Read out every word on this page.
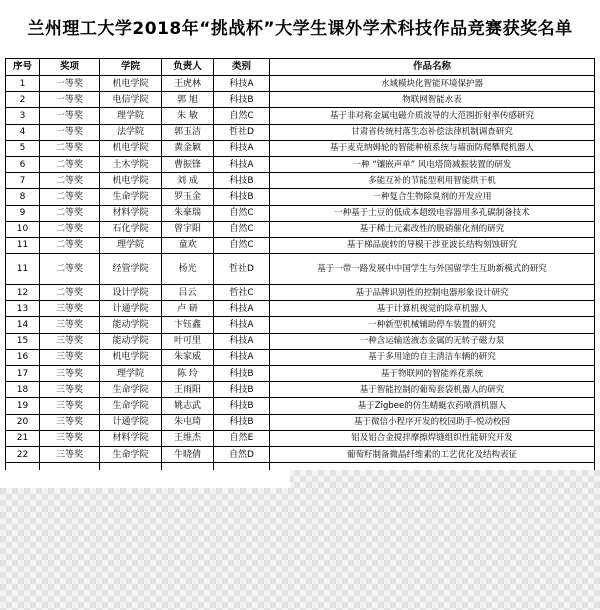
兰州理工大学2018年“挑战杯”大学生课外学术科技作品竞赛获奖名单
序号	奖项	学院	负责人	类别	作品名称
1	一等奖	机电学院	王虎林	科技A	水域模块化智能环境保护器
2	一等奖	电信学院	郭 旭	科技B	物联网智能水表
3	一等奖	理学院	朱 敏	自然C	基于非对称金属电磁介质波导的大范围折射率传感研究
4	一等奖	法学院	郭玉洁	哲社D	甘肃省传统村落生态补偿法律机制调查研究
5	二等奖	机电学院	黄金颖	科技A	基于麦克纳姆轮的智能种植系统与墙面防爬攀爬机器人
6	二等奖	土木学院	曹振锋	科技A	一种 “镶嵌声单” 风电塔筒减振装置的研发
7	二等奖	机电学院	刘 成	科技B	多能互补的节能型利用智能烘干机
8	二等奖	生命学院	罗玉金	科技B	一种复合生物除臭剂的开发应用
9	二等奖	材料学院	朱豪瑞	自然C	一种基于土豆的低成本超级电容器用多孔碳制备技术
10	二等奖	石化学院	曾宇阳	自然C	基于稀土元素改性的脱硝催化剂的研究
11	二等奖	理学院	童欢	自然C	基于梯品旋转的导模干涉亚波长结构刻蚀研究
11	二等奖	经管学院	杨光	哲社D	基于一带一路发展中中国学生与外国留学生互助新模式的研究
12	二等奖	设计学院	吕云	哲社C	基于品牌识别性的控制电器形象设计研究
13	三等奖	计通学院	卢 研	科技A	基于计算机视觉的除草机器人
14	三等奖	能动学院	卞钰鑫	科技A	一种新型机械辅助停车装置的研究
15	三等奖	能动学院	叶可里	科技A	一种含运输送液态金属的无转子磁力泵
16	三等奖	机电学院	朱家威	科技A	基于多用途的自主清洁车辆的研究
17	三等奖	理学院	陈 玲	科技B	基于物联网的智能养花系统
18	三等奖	生命学院	王雨阳	科技B	基于智能控制的葡萄套袋机器人的研究
19	三等奖	生命学院	姚志武	科技B	基于Zigbee的仿生蜻蜓农药喷洒机器人
20	三等奖	计通学院	朱屯琦	科技B	基于微信小程序开发的校园助手-悦动校园
21	三等奖	材料学院	王维杰	自然E	铝及铝合金搅拌摩擦焊缝组织性能研究开发
22	三等奖	生命学院	牛晓倩	自然D	葡萄籽制备微晶纤维素的工艺优化及结构表征
